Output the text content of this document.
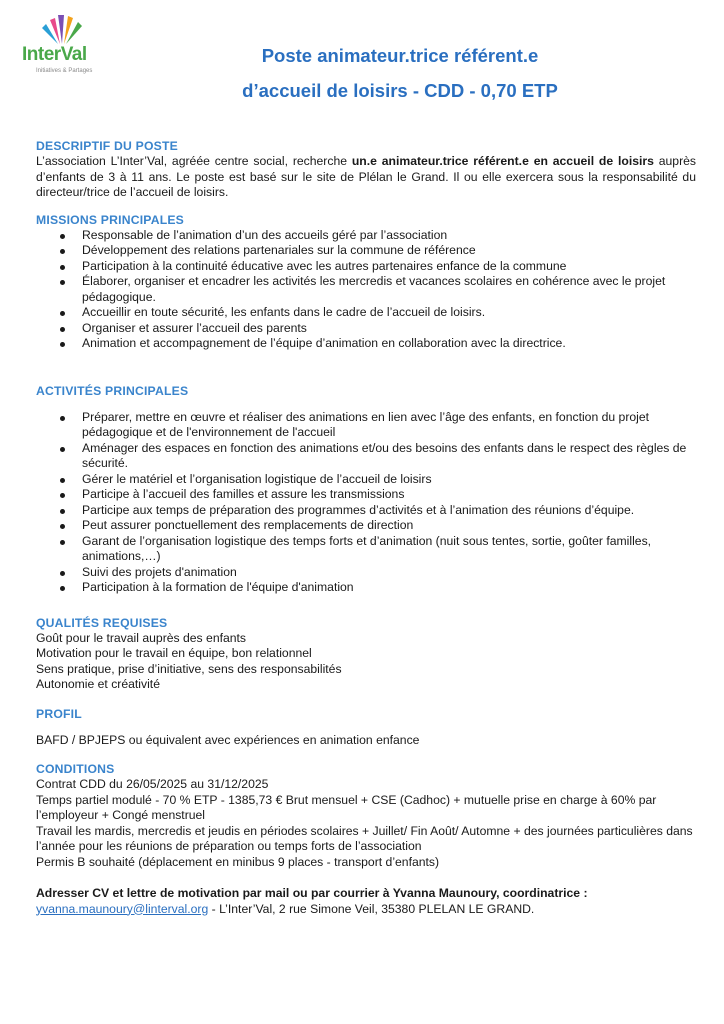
InterVal
Initiatives & Partages
Poste animateur.trice référent.e
d’accueil de loisirs - CDD - 0,70 ETP
DESCRIPTIF DU POSTE

L’association L’Inter’Val, agréée centre social, recherche un.e animateur.trice référent.e en accueil de loisirs auprès d’enfants de 3 à 11 ans. Le poste est basé sur le site de Plélan le Grand. Il ou elle exercera sous la responsabilité du directeur/trice de l’accueil de loisirs.

MISSIONS PRINCIPALES
Responsable de l’animation d’un des accueils géré par l’association
Développement des relations partenariales sur la commune de référence
Participation à la continuité éducative avec les autres partenaires enfance de la commune
Élaborer, organiser et encadrer les activités les mercredis et vacances scolaires en cohérence avec le projet pédagogique.
Accueillir en toute sécurité, les enfants dans le cadre de l’accueil de loisirs.
Organiser et assurer l’accueil des parents
Animation et accompagnement de l’équipe d’animation en collaboration avec la directrice.
ACTIVITÉS PRINCIPALES
Préparer, mettre en œuvre et réaliser des animations en lien avec l’âge des enfants, en fonction du projet pédagogique et de l'environnement de l'accueil
Aménager des espaces en fonction des animations et/ou des besoins des enfants dans le respect des règles de sécurité.
Gérer le matériel et l’organisation logistique de l’accueil de loisirs
Participe à l’accueil des familles et assure les transmissions
Participe aux temps de préparation des programmes d’activités et à l’animation des réunions d’équipe.
Peut assurer ponctuellement des remplacements de direction
Garant de l’organisation logistique des temps forts et d’animation (nuit sous tentes, sortie, goûter familles, animations,…)
Suivi des projets d'animation
Participation à la formation de l'équipe d'animation
QUALITÉS REQUISES

Goût pour le travail auprès des enfants

Motivation pour le travail en équipe, bon relationnel

Sens pratique, prise d’initiative, sens des responsabilités

Autonomie et créativité

PROFIL

BAFD / BPJEPS ou équivalent avec expériences en animation enfance

CONDITIONS

Contrat CDD du 26/05/2025 au 31/12/2025

Temps partiel modulé - 70 % ETP - 1385,73 € Brut mensuel + CSE (Cadhoc) + mutuelle prise en charge à 60% par l’employeur + Congé menstruel

Travail les mardis, mercredis et jeudis en périodes scolaires + Juillet/ Fin Août/ Automne + des journées particulières dans l’année pour les réunions de préparation ou temps forts de l’association

Permis B souhaité (déplacement en minibus 9 places - transport d’enfants)

Adresser CV et lettre de motivation par mail ou par courrier à Yvanna Maunoury, coordinatrice :

yvanna.maunoury@linterval.org - L’Inter’Val, 2 rue Simone Veil, 35380 PLELAN LE GRAND.
